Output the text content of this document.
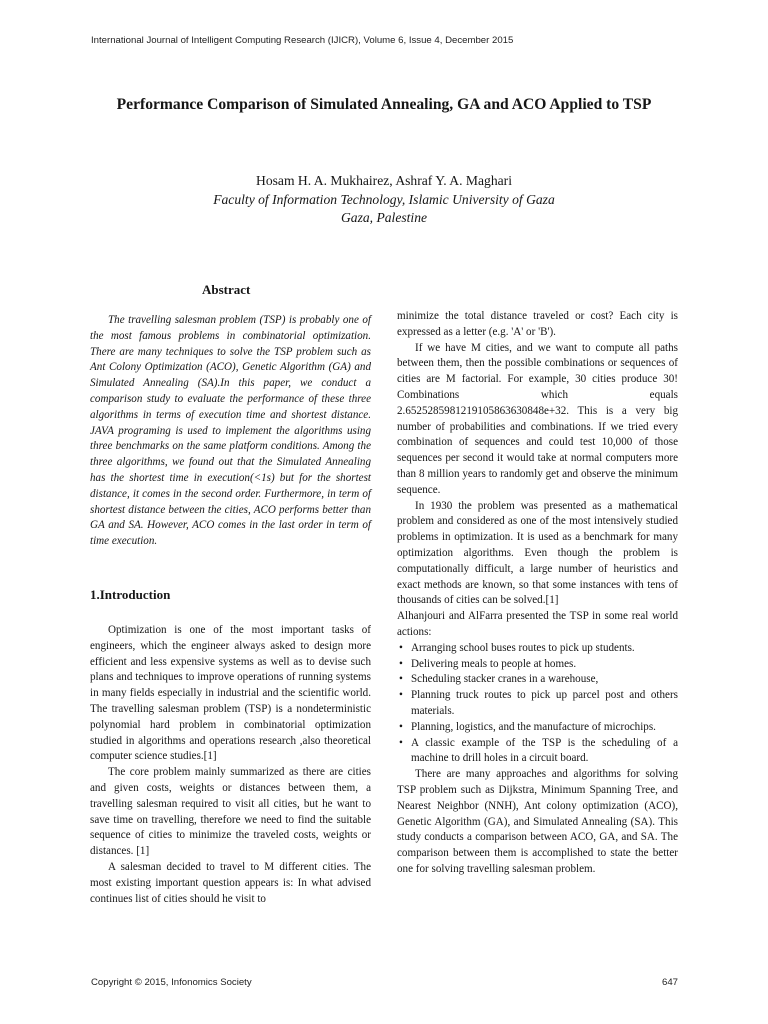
International Journal of Intelligent Computing Research (IJICR), Volume 6, Issue 4, December 2015
Performance Comparison of Simulated Annealing, GA and ACO Applied to TSP
Hosam H. A. Mukhairez, Ashraf Y. A. Maghari
Faculty of Information Technology, Islamic University of Gaza
Gaza, Palestine
Abstract

The travelling salesman problem (TSP) is probably one of the most famous problems in combinatorial optimization. There are many techniques to solve the TSP problem such as Ant Colony Optimization (ACO), Genetic Algorithm (GA) and Simulated Annealing (SA).In this paper, we conduct a comparison study to evaluate the performance of these three algorithms in terms of execution time and shortest distance. JAVA programing is used to implement the algorithms using three benchmarks on the same platform conditions. Among the three algorithms, we found out that the Simulated Annealing has the shortest time in execution(<1s) but for the shortest distance, it comes in the second order. Furthermore, in term of shortest distance between the cities, ACO performs better than GA and SA. However, ACO comes in the last order in term of time execution.

1.Introduction

Optimization is one of the most important tasks of engineers, which the engineer always asked to design more efficient and less expensive systems as well as to devise such plans and techniques to improve operations of running systems in many fields especially in industrial and the scientific world. The travelling salesman problem (TSP) is a nondeterministic polynomial hard problem in combinatorial optimization studied in algorithms and operations research ,also theoretical computer science studies.[1]

The core problem mainly summarized as there are cities and given costs, weights or distances between them, a travelling salesman required to visit all cities, but he want to save time on travelling, therefore we need to find the suitable sequence of cities to minimize the traveled costs, weights or distances. [1]

A salesman decided to travel to M different cities. The most existing important question appears is: In what advised continues list of cities should he visit to

minimize the total distance traveled or cost? Each city is expressed as a letter (e.g. 'A' or 'B').

If we have M cities, and we want to compute all paths between them, then the possible combinations or sequences of cities are M factorial. For example, 30 cities produce 30! Combinations which equals 2.6525285981219105863630848e+32. This is a very big number of probabilities and combinations. If we tried every combination of sequences and could test 10,000 of those sequences per second it would take at normal computers more than 8 million years to randomly get and observe the minimum sequence.

In 1930 the problem was presented as a mathematical problem and considered as one of the most intensively studied problems in optimization. It is used as a benchmark for many optimization algorithms. Even though the problem is computationally difficult, a large number of heuristics and exact methods are known, so that some instances with tens of thousands of cities can be solved.[1]

Alhanjouri and AlFarra presented the TSP in some real world actions:

• Arranging school buses routes to pick up students.
• Delivering meals to people at homes.
• Scheduling stacker cranes in a warehouse,
• Planning truck routes to pick up parcel post and others materials.
• Planning, logistics, and the manufacture of microchips.
• A classic example of the TSP is the scheduling of a machine to drill holes in a circuit board.

There are many approaches and algorithms for solving TSP problem such as Dijkstra, Minimum Spanning Tree, and Nearest Neighbor (NNH), Ant colony optimization (ACO), Genetic Algorithm (GA), and Simulated Annealing (SA). This study conducts a comparison between ACO, GA, and SA. The comparison between them is accomplished to state the better one for solving travelling salesman problem.

Copyright © 2015, Infonomics Society	647
